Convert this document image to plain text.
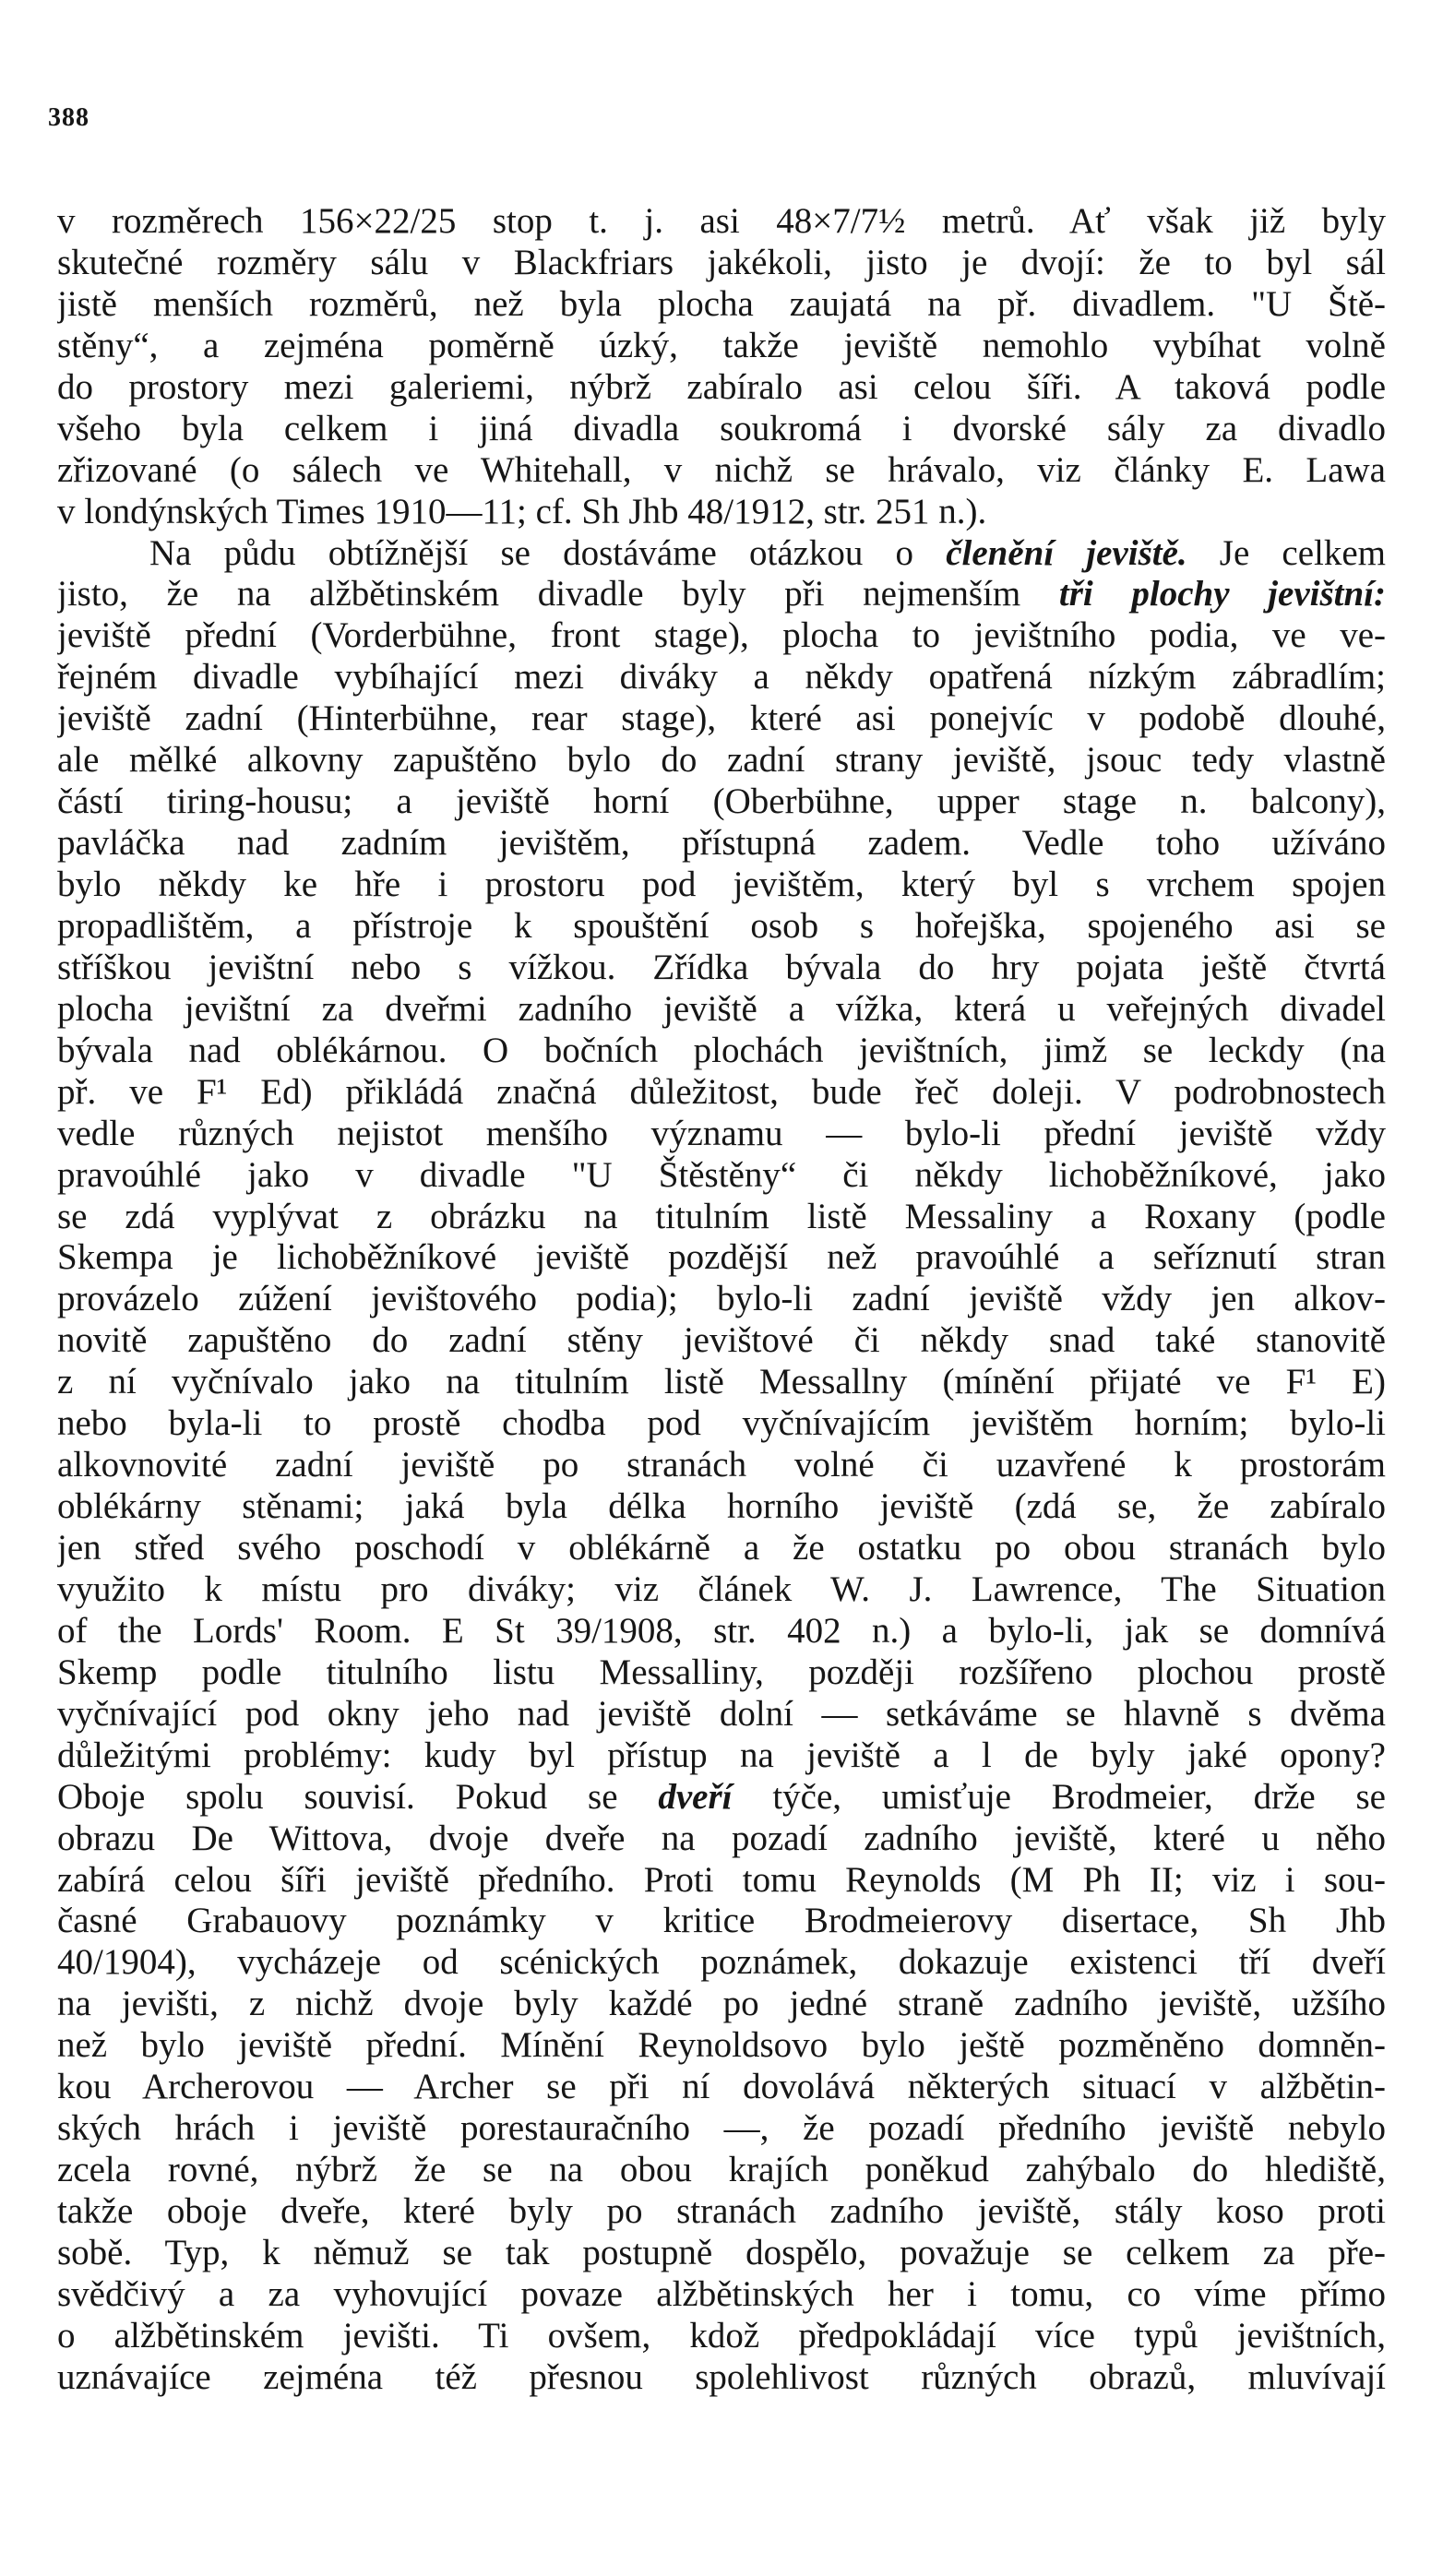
388
v rozměrech 156×22/25 stop t. j. asi 48×7/7½ metrů. Ať však již byly
skutečné rozměry sálu v Blackfriars jakékoli, jisto je dvojí: že to byl sál
jistě menších rozměrů, než byla plocha zaujatá na př. divadlem. "U Ště-
stěny“, a zejména poměrně úzký, takže jeviště nemohlo vybíhat volně
do prostory mezi galeriemi, nýbrž zabíralo asi celou šíři. A taková podle
všeho byla celkem i jiná divadla soukromá i dvorské sály za divadlo
zřizované (o sálech ve Whitehall, v nichž se hrávalo, viz články E. Lawa
v londýnských Times 1910—11; cf. Sh Jhb 48/1912, str. 251 n.).
Na půdu obtížnější se dostáváme otázkou o členění jeviště. Je celkem
jisto, že na alžbětinském divadle byly při nejmenším tři plochy jevištní:
jeviště přední (Vorderbühne, front stage), plocha to jevištního podia, ve ve-
řejném divadle vybíhající mezi diváky a někdy opatřená nízkým zábradlím;
jeviště zadní (Hinterbühne, rear stage), které asi ponejvíc v podobě dlouhé,
ale mělké alkovny zapuštěno bylo do zadní strany jeviště, jsouc tedy vlastně
částí tiring-housu; a jeviště horní (Oberbühne, upper stage n. balcony),
pavláčka nad zadním jevištěm, přístupná zadem. Vedle toho užíváno
bylo někdy ke hře i prostoru pod jevištěm, který byl s vrchem spojen
propadlištěm, a přístroje k spouštění osob s hořejška, spojeného asi se
stříškou jevištní nebo s vížkou. Zřídka bývala do hry pojata ještě čtvrtá
plocha jevištní za dveřmi zadního jeviště a vížka, která u veřejných divadel
bývala nad oblékárnou. O bočních plochách jevištních, jimž se leckdy (na
př. ve F¹ Ed) přikládá značná důležitost, bude řeč doleji. V podrobnostech
vedle různých nejistot menšího významu — bylo-li přední jeviště vždy
pravoúhlé jako v divadle "U Štěstěny“ či někdy lichoběžníkové, jako
se zdá vyplývat z obrázku na titulním listě Messaliny a Roxany (podle
Skempa je lichoběžníkové jeviště pozdější než pravoúhlé a seříznutí stran
provázelo zúžení jevištového podia); bylo-li zadní jeviště vždy jen alkov-
novitě zapuštěno do zadní stěny jevištové či někdy snad také stanovitě
z ní vyčnívalo jako na titulním listě Messallny (mínění přijaté ve F¹ E)
nebo byla-li to prostě chodba pod vyčnívajícím jevištěm horním; bylo-li
alkovnovité zadní jeviště po stranách volné či uzavřené k prostorám
oblékárny stěnami; jaká byla délka horního jeviště (zdá se, že zabíralo
jen střed svého poschodí v oblékárně a že ostatku po obou stranách bylo
využito k místu pro diváky; viz článek W. J. Lawrence, The Situation
of the Lords' Room. E St 39/1908, str. 402 n.) a bylo-li, jak se domnívá
Skemp podle titulního listu Messalliny, později rozšířeno plochou prostě
vyčnívající pod okny jeho nad jeviště dolní — setkáváme se hlavně s dvěma
důležitými problémy: kudy byl přístup na jeviště a l de byly jaké opony?
Oboje spolu souvisí. Pokud se dveří týče, umisťuje Brodmeier, drže se
obrazu De Wittova, dvoje dveře na pozadí zadního jeviště, které u něho
zabírá celou šíři jeviště předního. Proti tomu Reynolds (M Ph II; viz i sou-
časné Grabauovy poznámky v kritice Brodmeierovy disertace, Sh Jhb
40/1904), vycházeje od scénických poznámek, dokazuje existenci tří dveří
na jevišti, z nichž dvoje byly každé po jedné straně zadního jeviště, užšího
než bylo jeviště přední. Mínění Reynoldsovo bylo ještě pozměněno domněn-
kou Archerovou — Archer se při ní dovolává některých situací v alžbětin-
ských hrách i jeviště porestauračního —, že pozadí předního jeviště nebylo
zcela rovné, nýbrž že se na obou krajích poněkud zahýbalo do hlediště,
takže oboje dveře, které byly po stranách zadního jeviště, stály koso proti
sobě. Typ, k němuž se tak postupně dospělo, považuje se celkem za pře-
svědčivý a za vyhovující povaze alžbětinských her i tomu, co víme přímo
o alžbětinském jevišti. Ti ovšem, kdož předpokládají více typů jevištních,
uznávajíce zejména též přesnou spolehlivost různých obrazů, mluvívají
